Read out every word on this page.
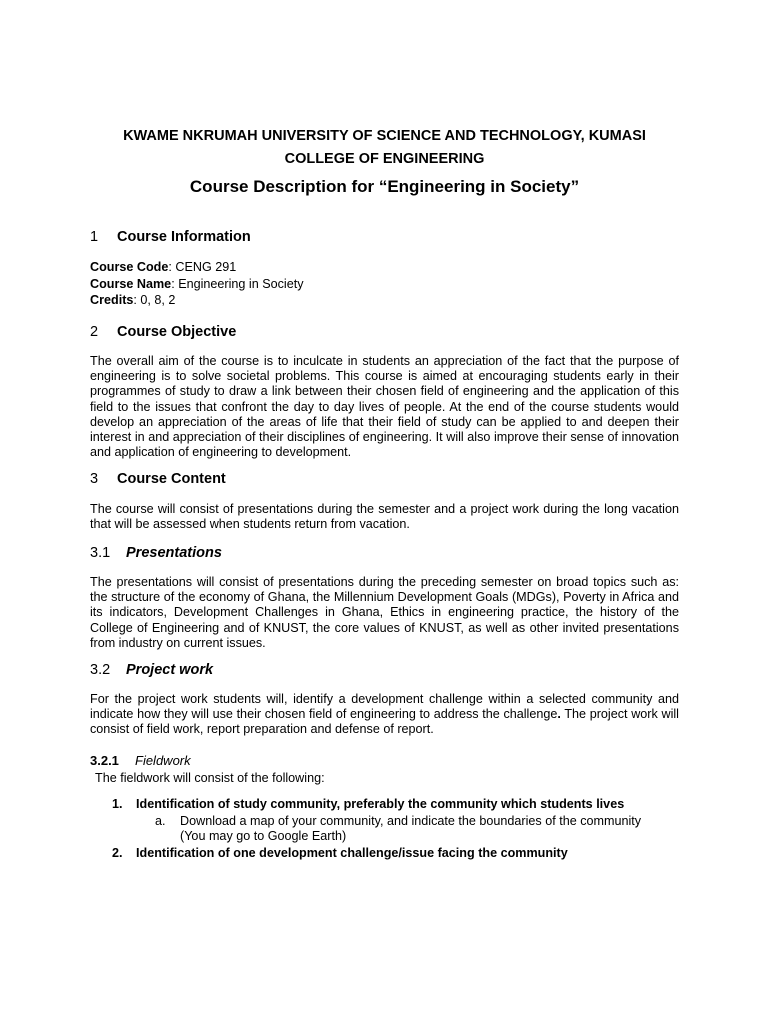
KWAME NKRUMAH UNIVERSITY OF SCIENCE AND TECHNOLOGY, KUMASI
COLLEGE OF ENGINEERING
Course Description for “Engineering in Society”
1 Course Information
Course Code: CENG 291
Course Name: Engineering in Society
Credits: 0, 8, 2
2 Course Objective
The overall aim of the course is to inculcate in students an appreciation of the fact that the purpose of engineering is to solve societal problems. This course is aimed at encouraging students early in their programmes of study to draw a link between their chosen field of engineering and the application of this field to the issues that confront the day to day lives of people. At the end of the course students would develop an appreciation of the areas of life that their field of study can be applied to and deepen their interest in and appreciation of their disciplines of engineering. It will also improve their sense of innovation and application of engineering to development.
3 Course Content
The course will consist of presentations during the semester and a project work during the long vacation that will be assessed when students return from vacation.
3.1 Presentations
The presentations will consist of presentations during the preceding semester on broad topics such as: the structure of the economy of Ghana, the Millennium Development Goals (MDGs), Poverty in Africa and its indicators, Development Challenges in Ghana, Ethics in engineering practice, the history of the College of Engineering and of KNUST, the core values of KNUST, as well as other invited presentations from industry on current issues.
3.2 Project work
For the project work students will, identify a development challenge within a selected community and indicate how they will use their chosen field of engineering to address the challenge. The project work will consist of field work, report preparation and defense of report.
3.2.1 Fieldwork
The fieldwork will consist of the following:
1. Identification of study community, preferably the community which students lives
a. Download a map of your community, and indicate the boundaries of the community
(You may go to Google Earth)
2. Identification of one development challenge/issue facing the community
